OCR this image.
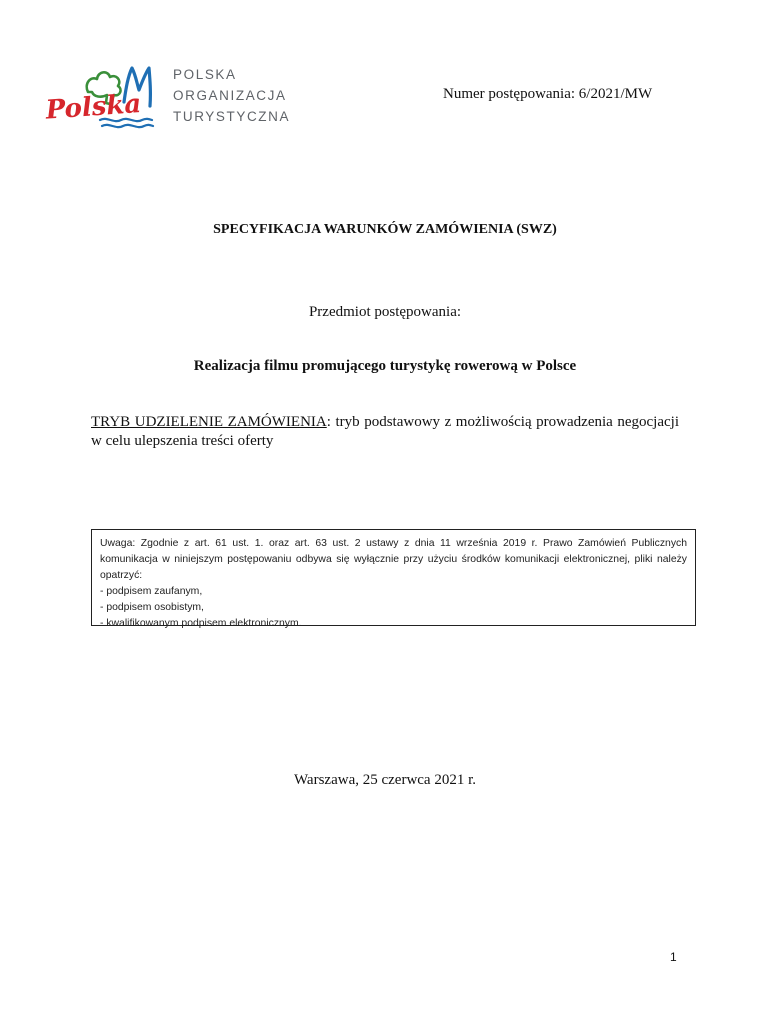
Polska
POLSKA
ORGANIZACJA
TURYSTYCZNA
Numer postępowania: 6/2021/MW
SPECYFIKACJA WARUNKÓW ZAMÓWIENIA (SWZ)
Przedmiot postępowania:
Realizacja filmu promującego turystykę rowerową w Polsce
TRYB UDZIELENIE ZAMÓWIENIA: tryb podstawowy z możliwością prowadzenia negocjacji w celu ulepszenia treści oferty
Uwaga: Zgodnie z art. 61 ust. 1. oraz art. 63 ust. 2 ustawy z dnia 11 września 2019 r. Prawo Zamówień Publicznych komunikacja w niniejszym postępowaniu odbywa się wyłącznie przy użyciu środków komunikacji elektronicznej, pliki należy opatrzyć:
- podpisem zaufanym,
- podpisem osobistym,
- kwalifikowanym podpisem elektronicznym.
Warszawa, 25 czerwca 2021 r.
1
